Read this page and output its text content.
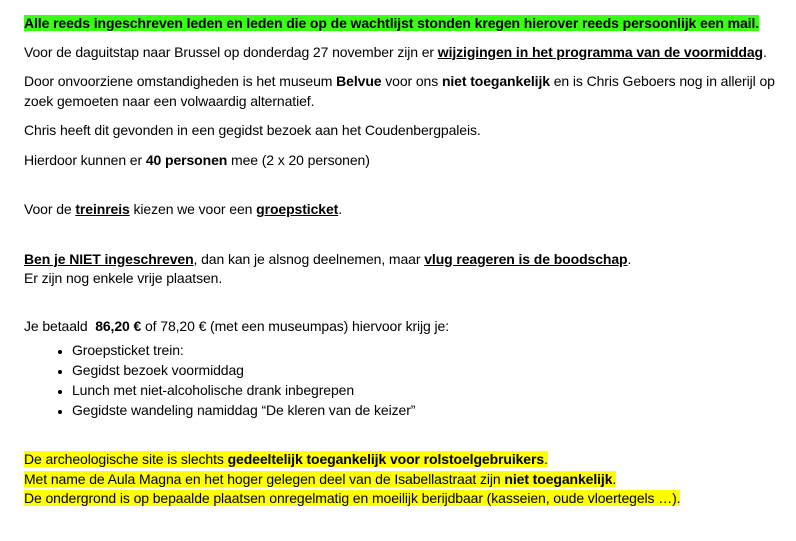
Alle reeds ingeschreven leden en leden die op de wachtlijst stonden kregen hierover reeds persoonlijk een mail.

Voor de daguitstap naar Brussel op donderdag 27 november zijn er wijzigingen in het programma van de voormiddag.

Door onvoorziene omstandigheden is het museum Belvue voor ons niet toegankelijk en is Chris Geboers nog in allerijl op zoek gemoeten naar een volwaardig alternatief.

Chris heeft dit gevonden in een gegidst bezoek aan het Coudenbergpaleis.

Hierdoor kunnen er 40 personen mee (2 x 20 personen)

Voor de treinreis kiezen we voor een groepsticket.

Ben je NIET ingeschreven, dan kan je alsnog deelnemen, maar vlug reageren is de boodschap.

Er zijn nog enkele vrije plaatsen.

Je betaald  86,20 € of 78,20 € (met een museumpas) hiervoor krijg je:

• Groepsticket trein:
• Gegidst bezoek voormiddag
• Lunch met niet-alcoholische drank inbegrepen
• Gegidste wandeling namiddag “De kleren van de keizer”

De archeologische site is slechts gedeeltelijk toegankelijk voor rolstoelgebruikers.

Met name de Aula Magna en het hoger gelegen deel van de Isabellastraat zijn niet toegankelijk.

De ondergrond is op bepaalde plaatsen onregelmatig en moeilijk berijdbaar (kasseien, oude vloertegels …).
